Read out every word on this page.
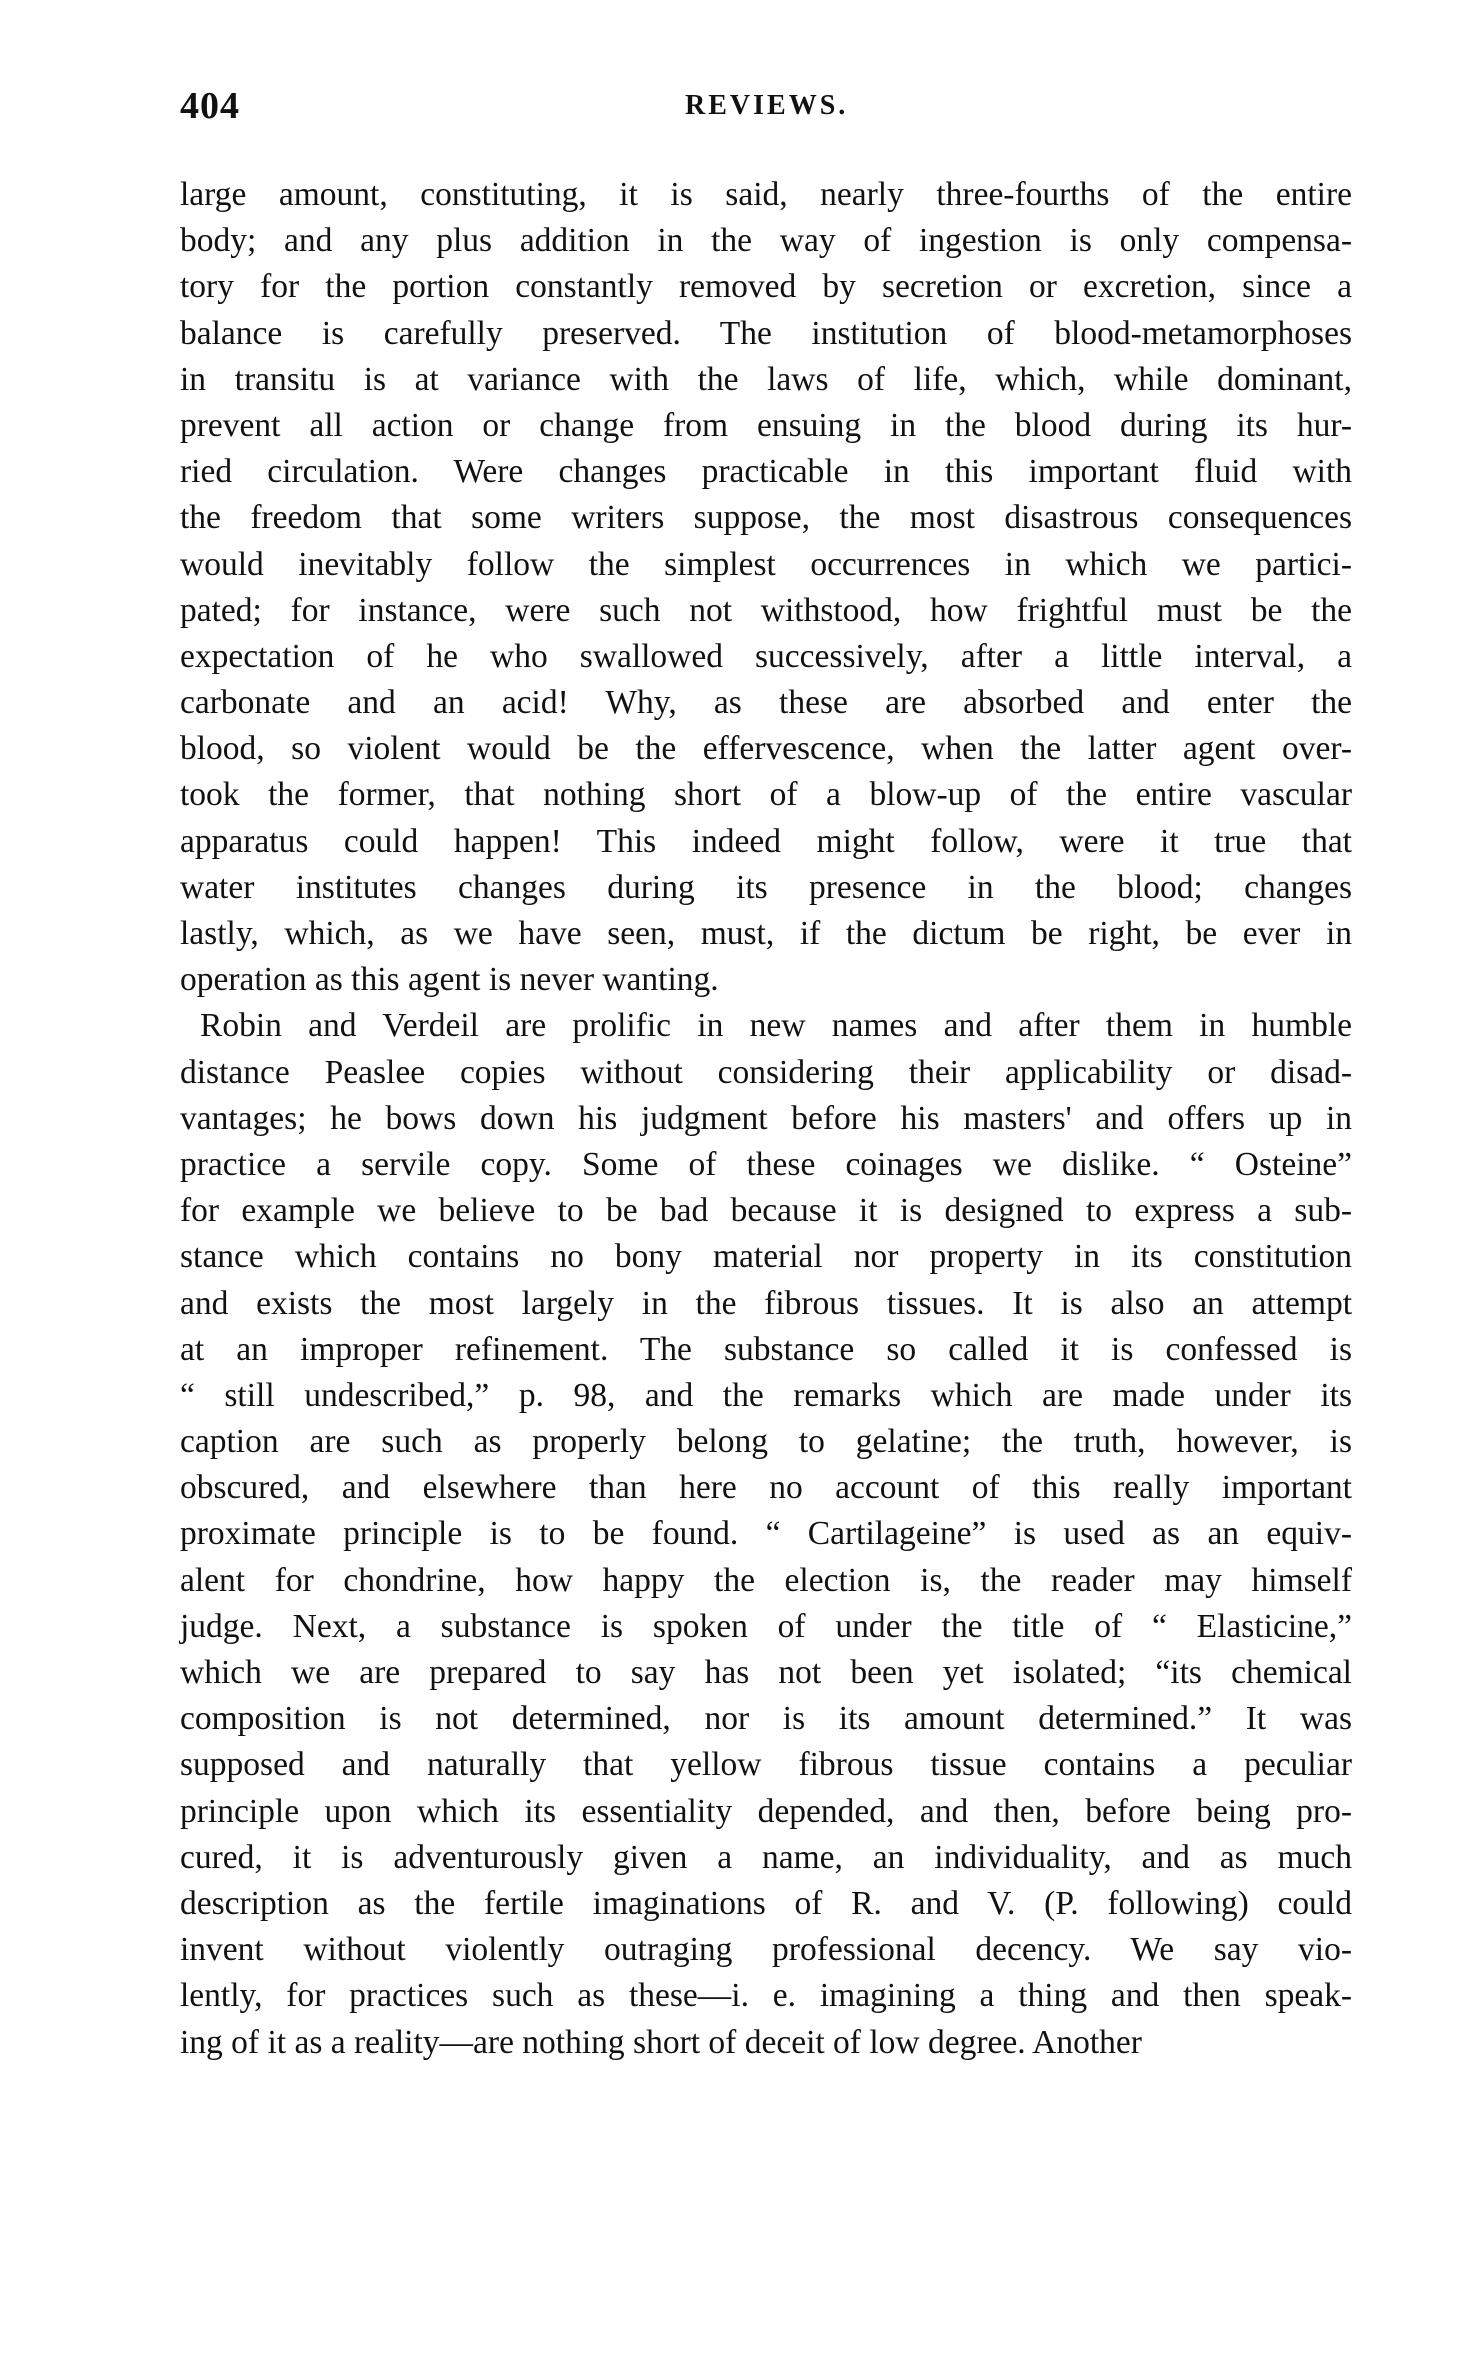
404	REVIEWS.
large amount, constituting, it is said, nearly three-fourths of the entire
body; and any plus addition in the way of ingestion is only compensa-
tory for the portion constantly removed by secretion or excretion, since a
balance is carefully preserved. The institution of blood-metamorphoses
in transitu is at variance with the laws of life, which, while dominant,
prevent all action or change from ensuing in the blood during its hur-
ried circulation. Were changes practicable in this important fluid with
the freedom that some writers suppose, the most disastrous consequences
would inevitably follow the simplest occurrences in which we partici-
pated; for instance, were such not withstood, how frightful must be the
expectation of he who swallowed successively, after a little interval, a
carbonate and an acid! Why, as these are absorbed and enter the
blood, so violent would be the effervescence, when the latter agent over-
took the former, that nothing short of a blow-up of the entire vascular
apparatus could happen! This indeed might follow, were it true that
water institutes changes during its presence in the blood; changes
lastly, which, as we have seen, must, if the dictum be right, be ever in
operation as this agent is never wanting.
Robin and Verdeil are prolific in new names and after them in humble
distance Peaslee copies without considering their applicability or disad-
vantages; he bows down his judgment before his masters' and offers up in
practice a servile copy. Some of these coinages we dislike. “ Osteine”
for example we believe to be bad because it is designed to express a sub-
stance which contains no bony material nor property in its constitution
and exists the most largely in the fibrous tissues. It is also an attempt
at an improper refinement. The substance so called it is confessed is
“ still undescribed,” p. 98, and the remarks which are made under its
caption are such as properly belong to gelatine; the truth, however, is
obscured, and elsewhere than here no account of this really important
proximate principle is to be found. “ Cartilageine” is used as an equiv-
alent for chondrine, how happy the election is, the reader may himself
judge. Next, a substance is spoken of under the title of “ Elasticine,”
which we are prepared to say has not been yet isolated; “its chemical
composition is not determined, nor is its amount determined.” It was
supposed and naturally that yellow fibrous tissue contains a peculiar
principle upon which its essentiality depended, and then, before being pro-
cured, it is adventurously given a name, an individuality, and as much
description as the fertile imaginations of R. and V. (P. following) could
invent without violently outraging professional decency. We say vio-
lently, for practices such as these—i. e. imagining a thing and then speak-
ing of it as a reality—are nothing short of deceit of low degree. Another
